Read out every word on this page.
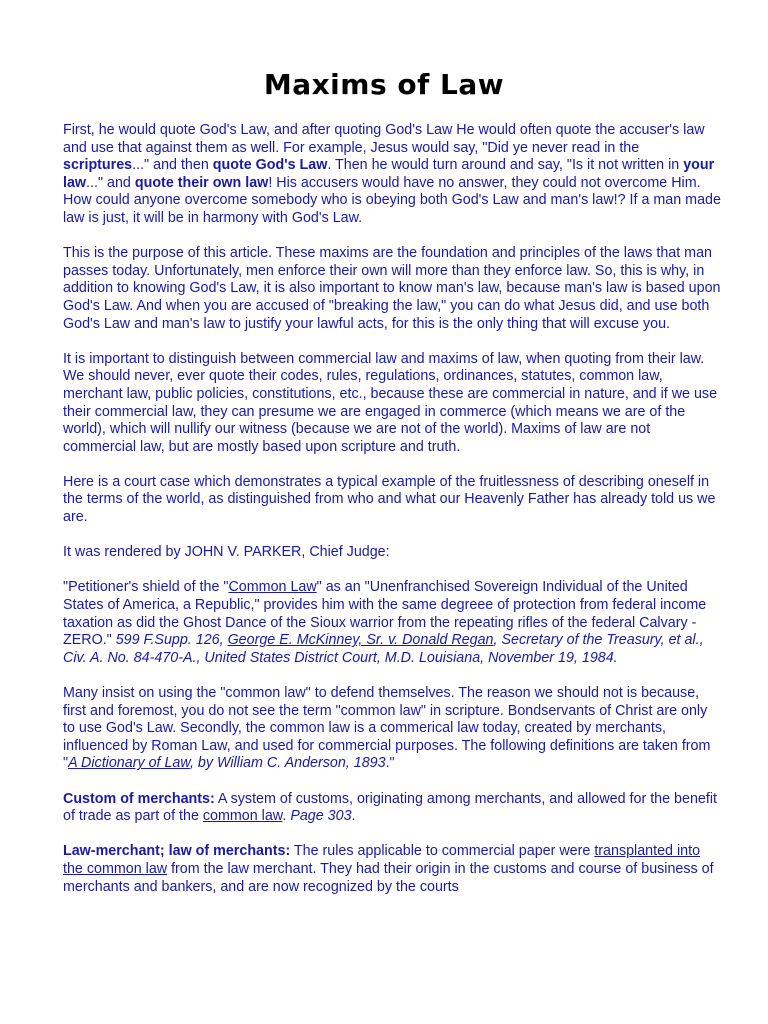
Maxims of Law

First, he would quote God's Law, and after quoting God's Law He would often quote the accuser's law and use that against them as well. For example, Jesus would say, "Did ye never read in the scriptures..." and then quote God's Law. Then he would turn around and say, "Is it not written in your law..." and quote their own law! His accusers would have no answer, they could not overcome Him. How could anyone overcome somebody who is obeying both God's Law and man's law!? If a man made law is just, it will be in harmony with God's Law.

This is the purpose of this article. These maxims are the foundation and principles of the laws that man passes today. Unfortunately, men enforce their own will more than they enforce law. So, this is why, in addition to knowing God's Law, it is also important to know man's law, because man's law is based upon God's Law. And when you are accused of "breaking the law," you can do what Jesus did, and use both God's Law and man's law to justify your lawful acts, for this is the only thing that will excuse you.

It is important to distinguish between commercial law and maxims of law, when quoting from their law. We should never, ever quote their codes, rules, regulations, ordinances, statutes, common law, merchant law, public policies, constitutions, etc., because these are commercial in nature, and if we use their commercial law, they can presume we are engaged in commerce (which means we are of the world), which will nullify our witness (because we are not of the world). Maxims of law are not commercial law, but are mostly based upon scripture and truth.

Here is a court case which demonstrates a typical example of the fruitlessness of describing oneself in the terms of the world, as distinguished from who and what our Heavenly Father has already told us we are.

It was rendered by JOHN V. PARKER, Chief Judge:

"Petitioner's shield of the "Common Law" as an "Unenfranchised Sovereign Individual of the United States of America, a Republic," provides him with the same degreee of protection from federal income taxation as did the Ghost Dance of the Sioux warrior from the repeating rifles of the federal Calvary - ZERO." 599 F.Supp. 126, George E. McKinney, Sr. v. Donald Regan, Secretary of the Treasury, et al., Civ. A. No. 84-470-A., United States District Court, M.D. Louisiana, November 19, 1984.

Many insist on using the "common law" to defend themselves. The reason we should not is because, first and foremost, you do not see the term "common law" in scripture. Bondservants of Christ are only to use God's Law. Secondly, the common law is a commerical law today, created by merchants, influenced by Roman Law, and used for commercial purposes. The following definitions are taken from "A Dictionary of Law, by William C. Anderson, 1893."

Custom of merchants: A system of customs, originating among merchants, and allowed for the benefit of trade as part of the common law. Page 303.

Law-merchant; law of merchants: The rules applicable to commercial paper were transplanted into the common law from the law merchant. They had their origin in the customs and course of business of merchants and bankers, and are now recognized by the courts
